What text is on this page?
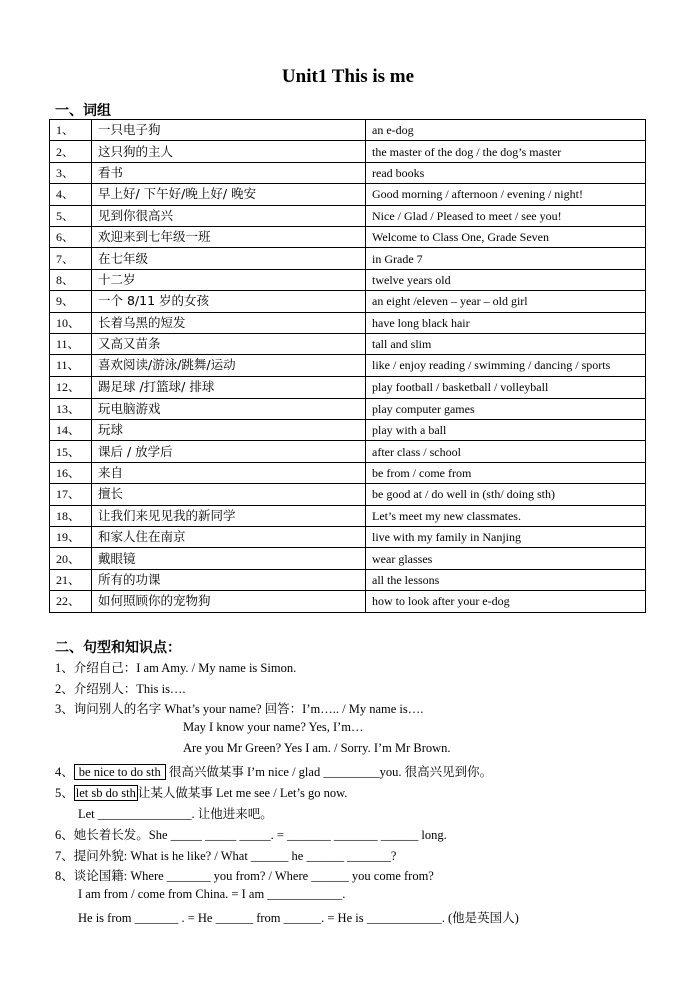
Unit1 This is me
一、词组
1、	一只电子狗	an e-dog
2、	这只狗的主人	the master of the dog / the dog’s master
3、	看书	read books
4、	早上好/ 下午好/晚上好/ 晚安	Good morning / afternoon / evening / night!
5、	见到你很高兴	Nice / Glad / Pleased to meet / see you!
6、	欢迎来到七年级一班	Welcome to Class One, Grade Seven
7、	在七年级	in Grade 7
8、	十二岁	twelve years old
9、	一个 8/11 岁的女孩	an eight /eleven – year – old girl
10、	长着乌黑的短发	have long black hair
11、	又高又苗条	tall and slim
11、	喜欢阅读/游泳/跳舞/运动	like / enjoy reading / swimming / dancing / sports
12、	踢足球 /打篮球/ 排球	play football / basketball / volleyball
13、	玩电脑游戏	play computer games
14、	玩球	play with a ball
15、	课后 / 放学后	after class / school
16、	来自	be from / come from
17、	擅长	be good at / do well in (sth/ doing sth)
18、	让我们来见见我的新同学	Let’s meet my new classmates.
19、	和家人住在南京	live with my family in Nanjing
20、	戴眼镜	wear glasses
21、	所有的功课	all the lessons
22、	如何照顾你的宠物狗	how to look after your e-dog
二、句型和知识点：
1、介绍自己：I am Amy. / My name is Simon.
2、介绍别人：This is….
3、询问别人的名字 What’s your name? 回答：I’m….. / My name is….
May I know your name? Yes, I’m…
Are you Mr Green? Yes I am. / Sorry. I’m Mr Brown.
4、 be nice to do sth 很高兴做某事 I’m nice / glad _________you. 很高兴见到你。
5、 let sb do sth 让某人做某事 Let me see / Let’s go now.
Let _______________. 让他进来吧。
6、她长着长发。She _____ _____ _____. = _______ _______ ______ long.
7、提问外貌: What is he like? / What ______ he ______ _______?
8、谈论国籍: Where _______ you from? / Where ______ you come from?
I am from / come from China. = I am ____________.
He is from _______ . = He ______ from ______. = He is ____________. (他是英国人)
